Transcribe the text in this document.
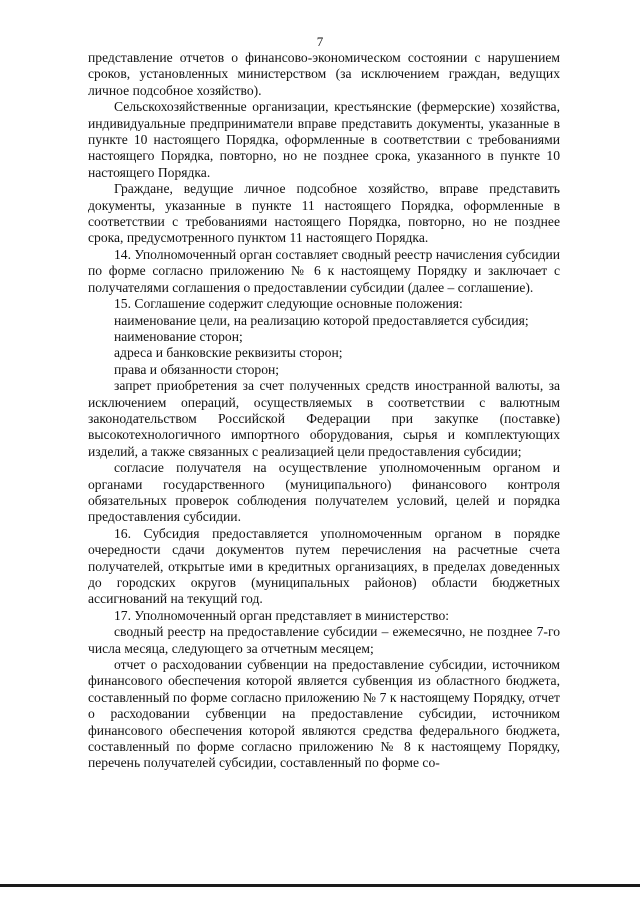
7

представление отчетов о финансово-экономическом состоянии с нарушением сроков, установленных министерством (за исключением граждан, ведущих личное подсобное хозяйство).

Сельскохозяйственные организации, крестьянские (фермерские) хозяйства, индивидуальные предприниматели вправе представить документы, указанные в пункте 10 настоящего Порядка, оформленные в соответствии с требованиями настоящего Порядка, повторно, но не позднее срока, указанного в пункте 10 настоящего Порядка.

Граждане, ведущие личное подсобное хозяйство, вправе представить документы, указанные в пункте 11 настоящего Порядка, оформленные в соответствии с требованиями настоящего Порядка, повторно, но не позднее срока, предусмотренного пунктом 11 настоящего Порядка.

14. Уполномоченный орган составляет сводный реестр начисления субсидии по форме согласно приложению № 6 к настоящему Порядку и заключает с получателями соглашения о предоставлении субсидии (далее – соглашение).

15. Соглашение содержит следующие основные положения:

наименование цели, на реализацию которой предоставляется субсидия;

наименование сторон;

адреса и банковские реквизиты сторон;

права и обязанности сторон;

запрет приобретения за счет полученных средств иностранной валюты, за исключением операций, осуществляемых в соответствии с валютным законодательством Российской Федерации при закупке (поставке) высокотехнологичного импортного оборудования, сырья и комплектующих изделий, а также связанных с реализацией цели предоставления субсидии;

согласие получателя на осуществление уполномоченным органом и органами государственного (муниципального) финансового контроля обязательных проверок соблюдения получателем условий, целей и порядка предоставления субсидии.

16. Субсидия предоставляется уполномоченным органом в порядке очередности сдачи документов путем перечисления на расчетные счета получателей, открытые ими в кредитных организациях, в пределах доведенных до городских округов (муниципальных районов) области бюджетных ассигнований на текущий год.

17. Уполномоченный орган представляет в министерство:

сводный реестр на предоставление субсидии – ежемесячно, не позднее 7-го числа месяца, следующего за отчетным месяцем;

отчет о расходовании субвенции на предоставление субсидии, источником финансового обеспечения которой является субвенция из областного бюджета, составленный по форме согласно приложению № 7 к настоящему Порядку, отчет о расходовании субвенции на предоставление субсидии, источником финансового обеспечения которой являются средства федерального бюджета, составленный по форме согласно приложению № 8 к настоящему Порядку, перечень получателей субсидии, составленный по форме со-
